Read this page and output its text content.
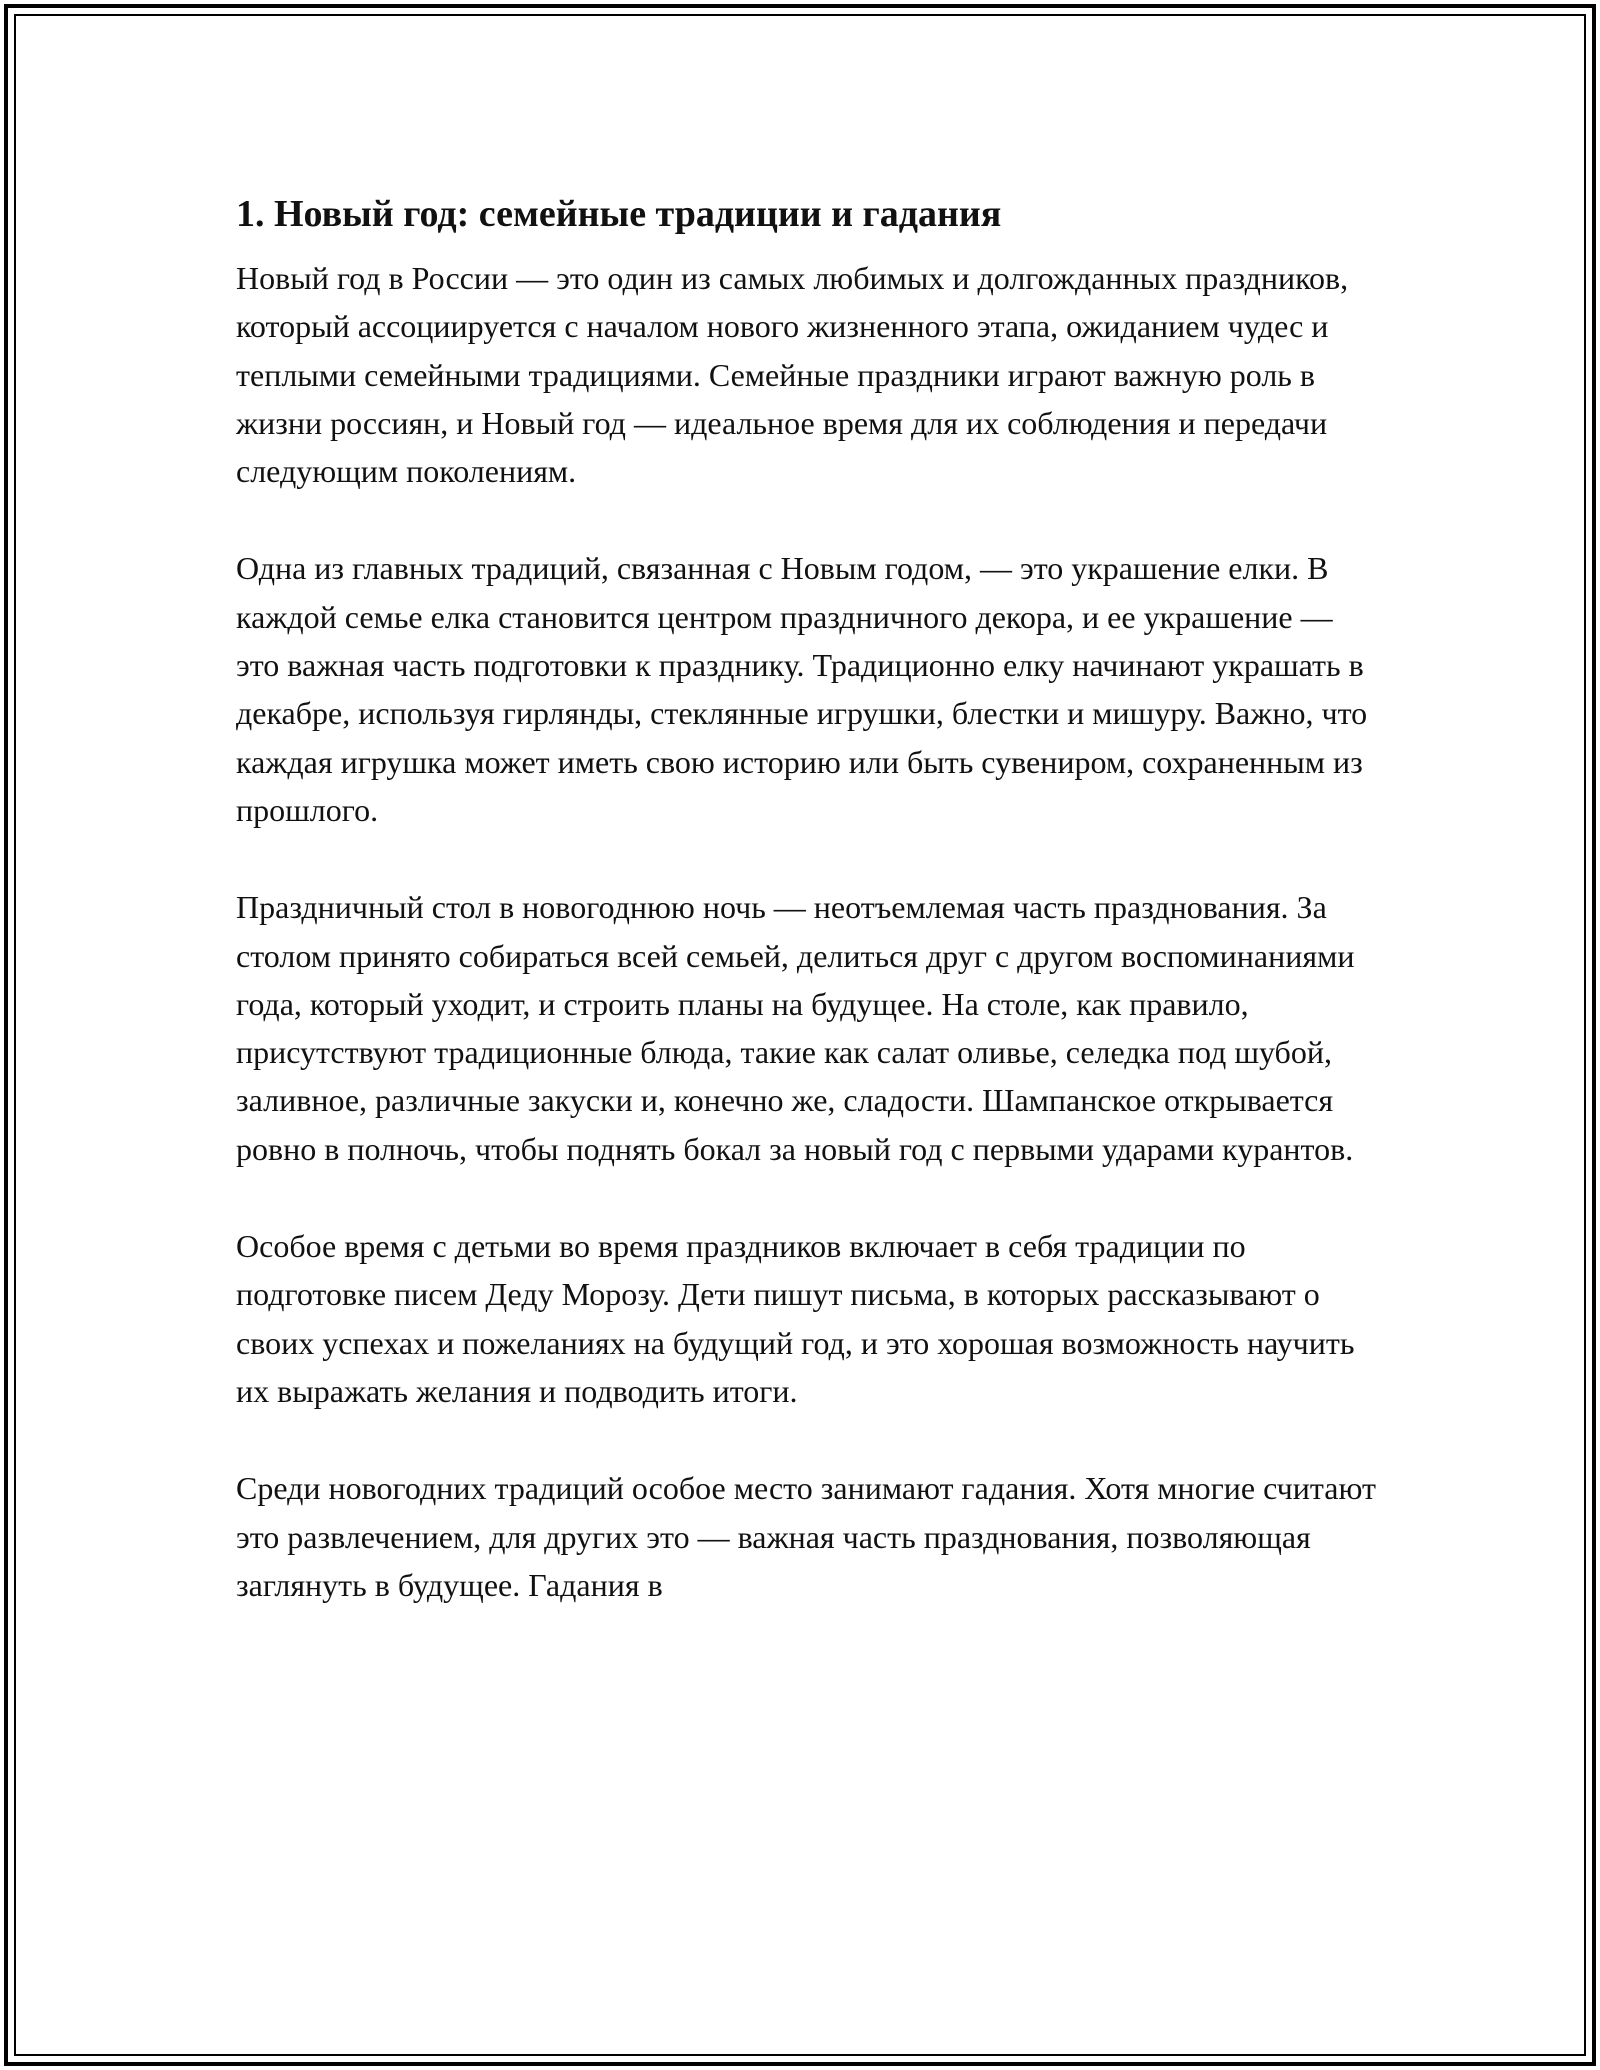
1. Новый год: семейные традиции и гадания

Новый год в России — это один из самых любимых и долгожданных праздников, который ассоциируется с началом нового жизненного этапа, ожиданием чудес и теплыми семейными традициями. Семейные праздники играют важную роль в жизни россиян, и Новый год — идеальное время для их соблюдения и передачи следующим поколениям.

Одна из главных традиций, связанная с Новым годом, — это украшение елки. В каждой семье елка становится центром праздничного декора, и ее украшение — это важная часть подготовки к празднику. Традиционно елку начинают украшать в декабре, используя гирлянды, стеклянные игрушки, блестки и мишуру. Важно, что каждая игрушка может иметь свою историю или быть сувениром, сохраненным из прошлого.

Праздничный стол в новогоднюю ночь — неотъемлемая часть празднования. За столом принято собираться всей семьей, делиться друг с другом воспоминаниями года, который уходит, и строить планы на будущее. На столе, как правило, присутствуют традиционные блюда, такие как салат оливье, селедка под шубой, заливное, различные закуски и, конечно же, сладости. Шампанское открывается ровно в полночь, чтобы поднять бокал за новый год с первыми ударами курантов.

Особое время с детьми во время праздников включает в себя традиции по подготовке писем Деду Морозу. Дети пишут письма, в которых рассказывают о своих успехах и пожеланиях на будущий год, и это хорошая возможность научить их выражать желания и подводить итоги.

Среди новогодних традиций особое место занимают гадания. Хотя многие считают это развлечением, для других это — важная часть празднования, позволяющая заглянуть в будущее. Гадания в
